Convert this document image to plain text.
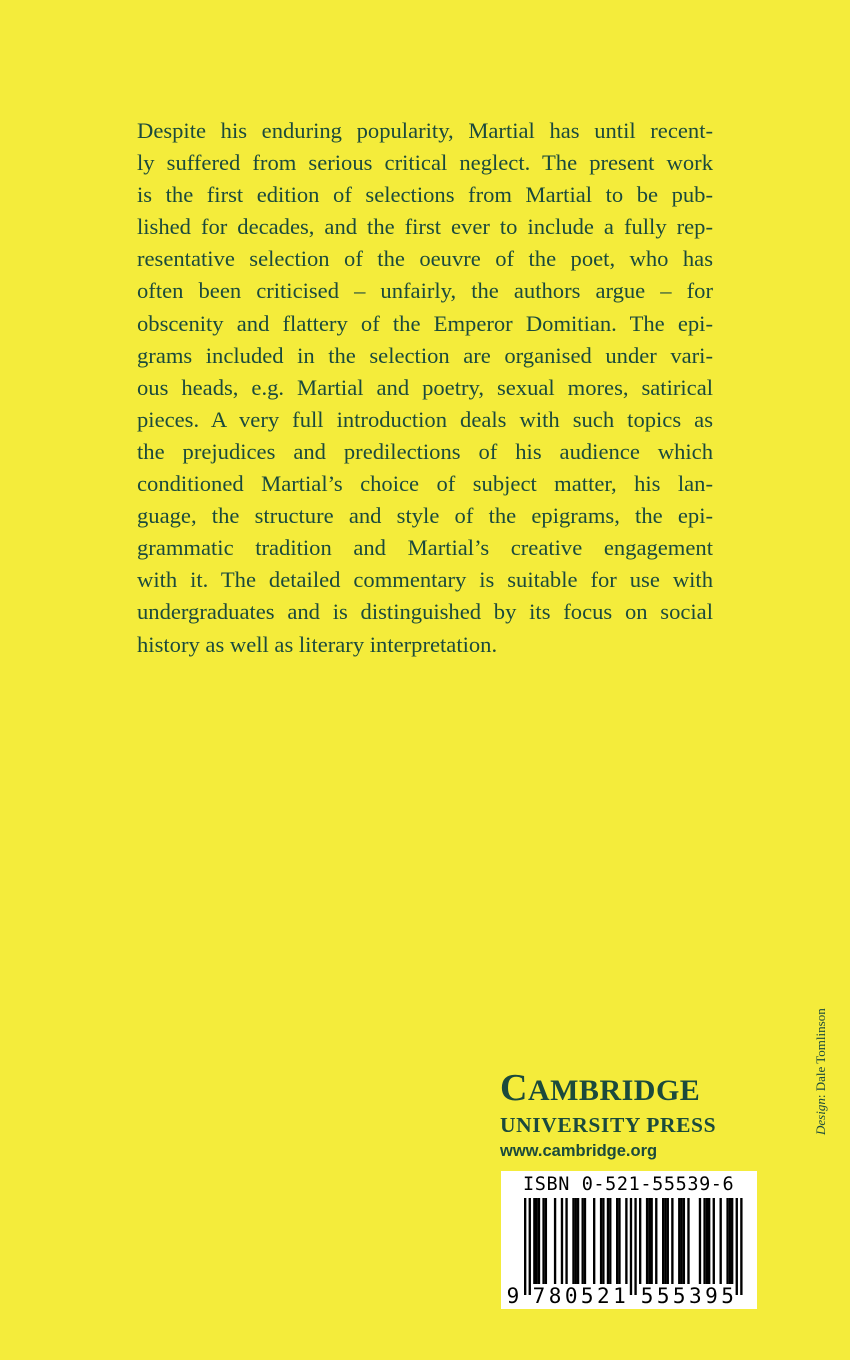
Despite his enduring popularity, Martial has until recent-
ly suffered from serious critical neglect. The present work
is the first edition of selections from Martial to be pub-
lished for decades, and the first ever to include a fully rep-
resentative selection of the oeuvre of the poet, who has
often been criticised – unfairly, the authors argue – for
obscenity and flattery of the Emperor Domitian. The epi-
grams included in the selection are organised under vari-
ous heads, e.g. Martial and poetry, sexual mores, satirical
pieces. A very full introduction deals with such topics as
the prejudices and predilections of his audience which
conditioned Martial’s choice of subject matter, his lan-
guage, the structure and style of the epigrams, the epi-
grammatic tradition and Martial’s creative engagement
with it. The detailed commentary is suitable for use with
undergraduates and is distinguished by its focus on social
history as well as literary interpretation.
Design: Dale Tomlinson
CAMBRIDGE
UNIVERSITY PRESS
www.cambridge.org
ISBN 0-521-55539-6
9 7 8 0 5 2 1 5 5 5 3 9 5
